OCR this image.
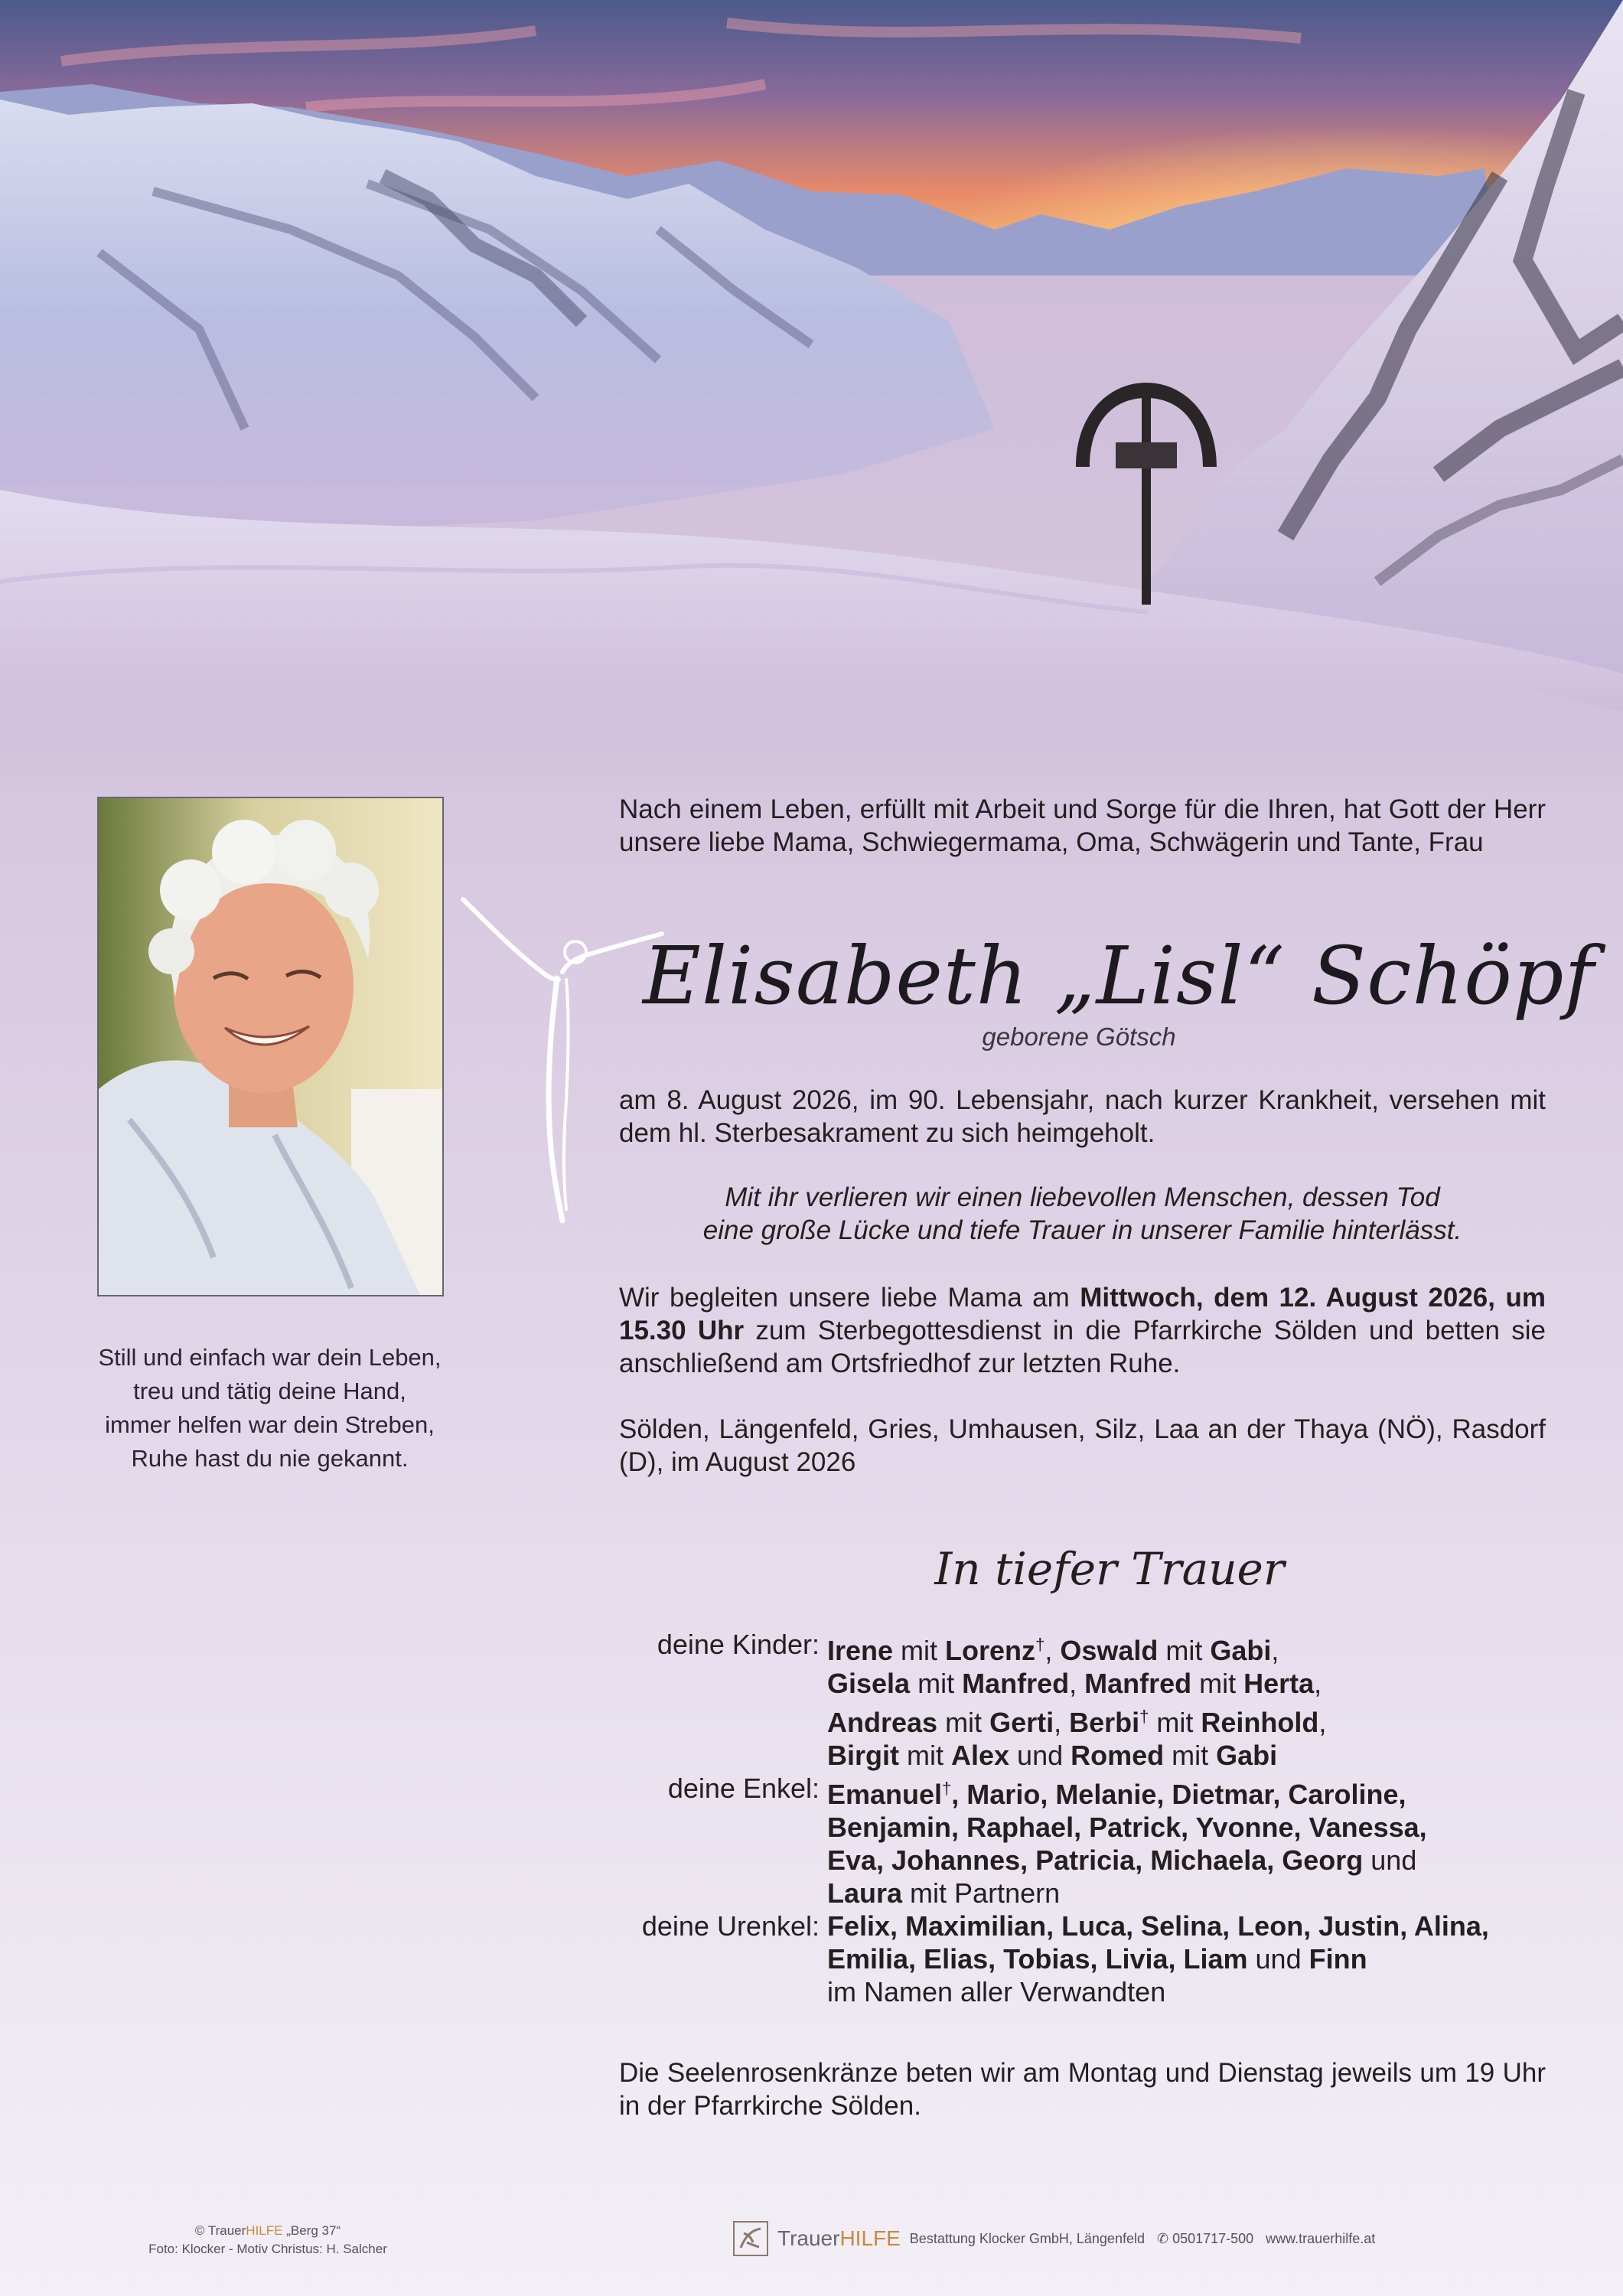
Still und einfach war dein Leben,
treu und tätig deine Hand,
immer helfen war dein Streben,
Ruhe hast du nie gekannt.
Nach einem Leben, erfüllt mit Arbeit und Sorge für die Ihren, hat Gott der Herr unsere liebe Mama, Schwiegermama, Oma, Schwägerin und Tante, Frau
Elisabeth „Lisl“ Schöpf
geborene Götsch
am 8. August 2026, im 90. Lebensjahr, nach kurzer Krankheit, versehen mit dem hl. Sterbesakrament zu sich heimgeholt.
Mit ihr verlieren wir einen liebevollen Menschen, dessen Tod
eine große Lücke und tiefe Trauer in unserer Familie hinterlässt.
Wir begleiten unsere liebe Mama am Mittwoch, dem 12. August 2026, um 15.30 Uhr zum Sterbegottesdienst in die Pfarrkirche Sölden und betten sie anschließend am Ortsfriedhof zur letzten Ruhe.
Sölden, Längenfeld, Gries, Umhausen, Silz, Laa an der Thaya (NÖ), Rasdorf (D), im August 2026
In tiefer Trauer
deine Kinder: Irene mit Lorenz†, Oswald mit Gabi,
Gisela mit Manfred, Manfred mit Herta,
Andreas mit Gerti, Berbi† mit Reinhold,
Birgit mit Alex und Romed mit Gabi
deine Enkel: Emanuel†, Mario, Melanie, Dietmar, Caroline,
Benjamin, Raphael, Patrick, Yvonne, Vanessa,
Eva, Johannes, Patricia, Michaela, Georg und
Laura mit Partnern
deine Urenkel: Felix, Maximilian, Luca, Selina, Leon, Justin, Alina,
Emilia, Elias, Tobias, Livia, Liam und Finn
im Namen aller Verwandten
Die Seelenrosenkränze beten wir am Montag und Dienstag jeweils um 19 Uhr in der Pfarrkirche Sölden.
© TrauerHILFE „Berg 37“
Foto: Klocker - Motiv Christus: H. Salcher	TrauerHILFE Bestattung Klocker GmbH, Längenfeld ✆ 0501717-500 www.trauerhilfe.at
